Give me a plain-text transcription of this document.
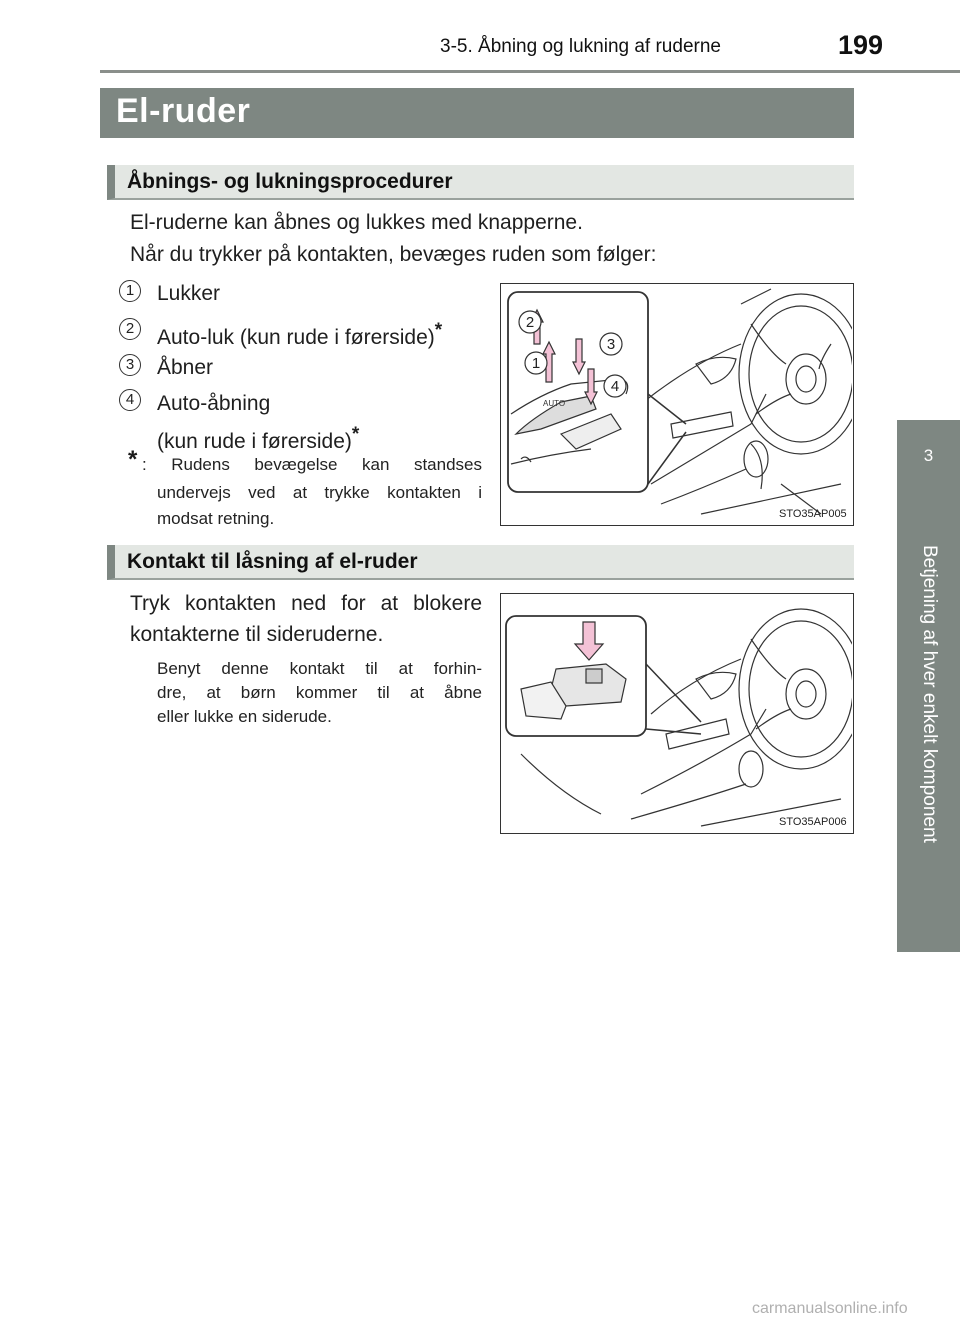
3-5. Åbning og lukning af ruderne	199
3
Betjening af hver enkelt komponent
El-ruder
Åbnings- og lukningsprocedurer
El-ruderne kan åbnes og lukkes med knapperne.
Når du trykker på kontakten, bevæges ruden som følger:
1	Lukker
2	Auto-luk (kun rude i førerside)*
3	Åbner
4	Auto-åbning
(kun rude i førerside)*
* : Rudens bevægelse kan standses
undervejs ved at trykke kontakten i
modsat retning.
AUTO
2
3
1
4
STO35AP005
Kontakt til låsning af el-ruder
Tryk kontakten ned for at blokere
kontakterne til sideruderne.
Benyt denne kontakt til at forhin-
dre, at børn kommer til at åbne
eller lukke en siderude.
STO35AP006
carmanualsonline.info
